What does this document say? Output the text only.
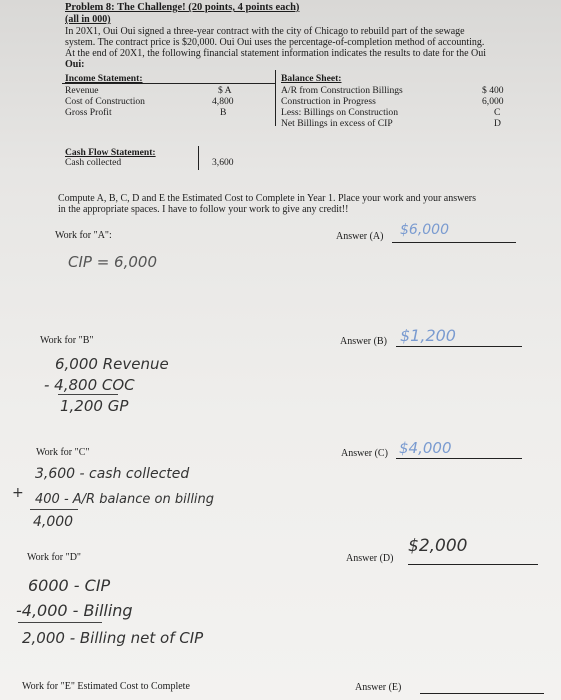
Problem 8: The Challenge! (20 points, 4 points each)
(all in 000)
In 20X1, Oui Oui signed a three-year contract with the city of Chicago to rebuild part of the sewage
system. The contract price is $20,000. Oui Oui uses the percentage-of-completion method of accounting.
At the end of 20X1, the following financial statement information indicates the results to date for the Oui
Oui:
Income Statement:
Revenue	$ A
Cost of Construction	4,800
Gross Profit	B
Balance Sheet:
A/R from Construction Billings	$ 400
Construction in Progress	6,000
Less: Billings on Construction	C
Net Billings in excess of CIP	D
Cash Flow Statement:
Cash collected	3,600
Compute A, B, C, D and E the Estimated Cost to Complete in Year 1. Place your work and your answers
in the appropriate spaces. I have to follow your work to give any credit!!
Work for "A":	Answer (A) $6,000
CIP = 6,000
Work for "B"	Answer (B) $1,200
6,000 Revenue
- 4,800 COC
1,200 GP
Work for "C"	Answer (C) $4,000
3,600 - cash collected
+ 400 - A/R balance on billing
4,000
Work for "D"	Answer (D)
$2,000
6000 - CIP
-4,000 - Billing
2,000 - Billing net of CIP
Work for "E" Estimated Cost to Complete	Answer (E)
